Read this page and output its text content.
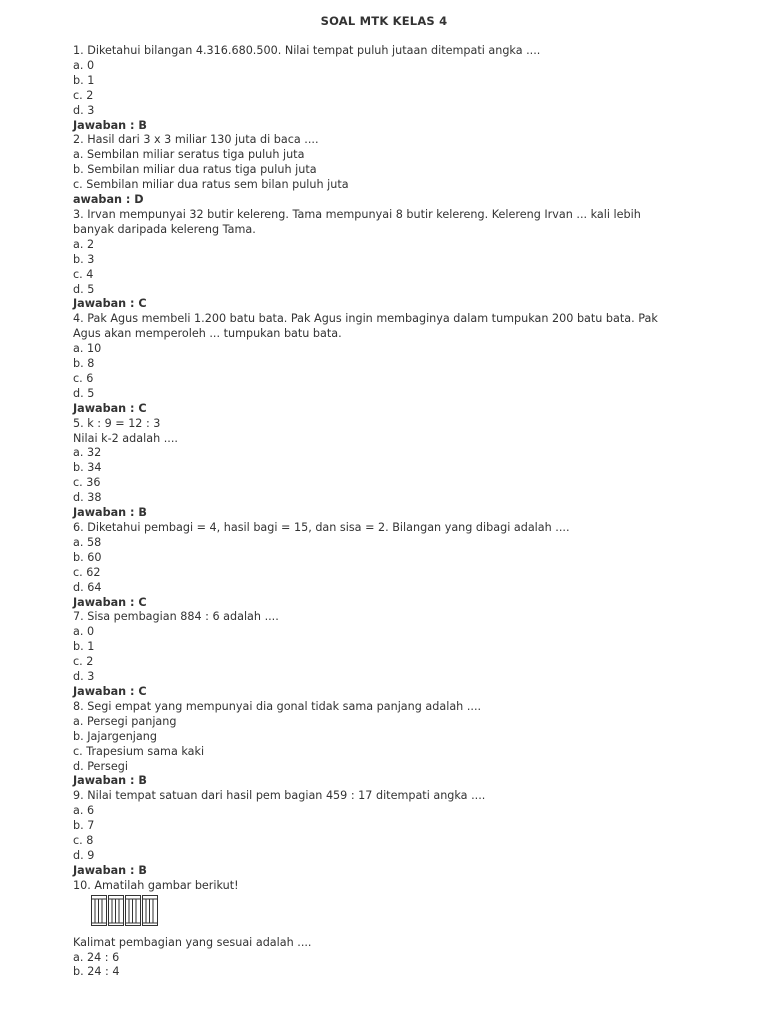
SOAL MTK KELAS 4
1. Diketahui bilangan 4.316.680.500. Nilai tempat puluh jutaan ditempati angka ....
a. 0
b. 1
c. 2
d. 3
Jawaban : B
2. Hasil dari 3 x 3 miliar 130 juta di baca ....
a. Sembilan miliar seratus tiga puluh juta
b. Sembilan miliar dua ratus tiga puluh juta
c. Sembilan miliar dua ratus sem bilan puluh juta
awaban : D
3. Irvan mempunyai 32 butir kelereng. Tama mempunyai 8 butir kelereng. Kelereng Irvan ... kali lebih
banyak daripada kelereng Tama.
a. 2
b. 3
c. 4
d. 5
Jawaban : C
4. Pak Agus membeli 1.200 batu bata. Pak Agus ingin membaginya dalam tumpukan 200 batu bata. Pak
Agus akan memperoleh ... tumpukan batu bata.
a. 10
b. 8
c. 6
d. 5
Jawaban : C
5. k : 9 = 12 : 3
Nilai k-2 adalah ....
a. 32
b. 34
c. 36
d. 38
Jawaban : B
6. Diketahui pembagi = 4, hasil bagi = 15, dan sisa = 2. Bilangan yang dibagi adalah ....
a. 58
b. 60
c. 62
d. 64
Jawaban : C
7. Sisa pembagian 884 : 6 adalah ....
a. 0
b. 1
c. 2
d. 3
Jawaban : C
8. Segi empat yang mempunyai dia gonal tidak sama panjang adalah ....
a. Persegi panjang
b. Jajargenjang
c. Trapesium sama kaki
d. Persegi
Jawaban : B
9. Nilai tempat satuan dari hasil pem bagian 459 : 17 ditempati angka ....
a. 6
b. 7
c. 8
d. 9
Jawaban : B
10. Amatilah gambar berikut!
Kalimat pembagian yang sesuai adalah ....
a. 24 : 6
b. 24 : 4
